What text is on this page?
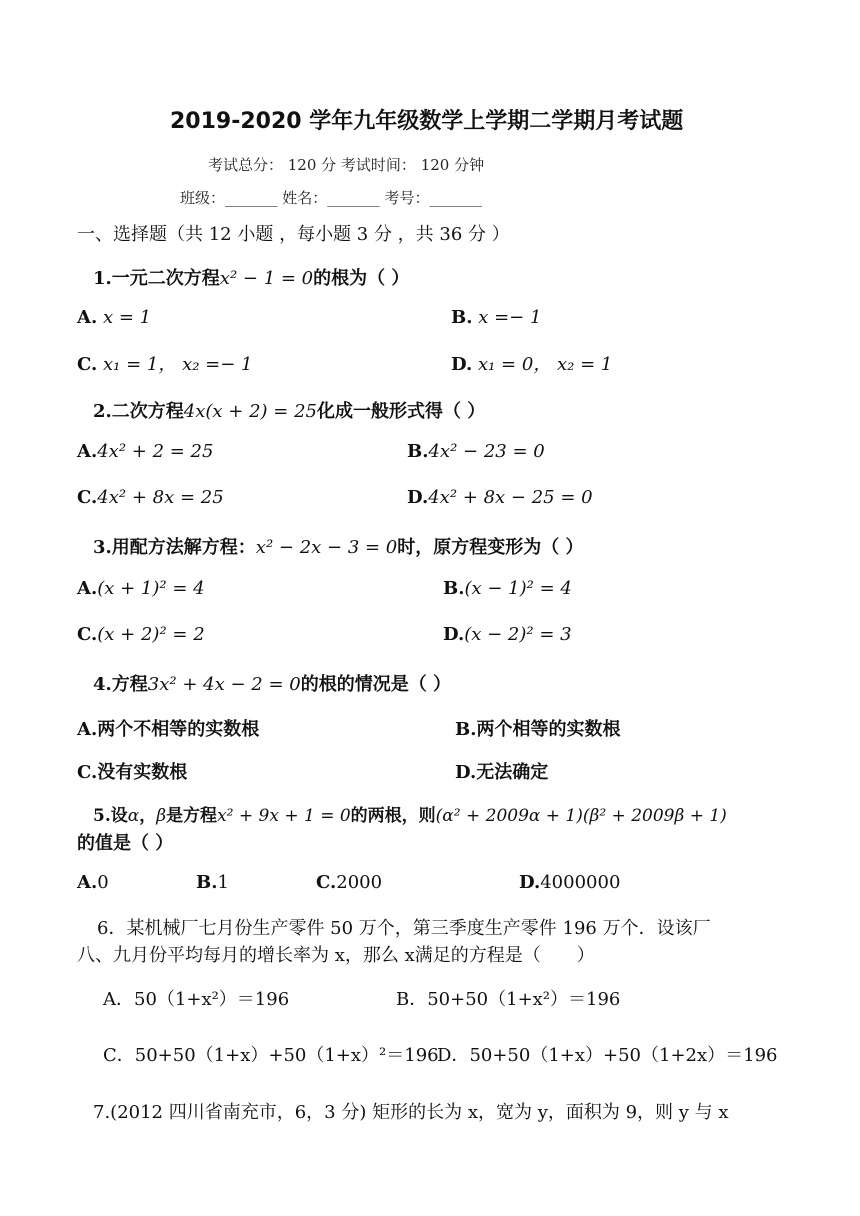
2019-2020 学年九年级数学上学期二学期月考试题
考试总分： 120 分 考试时间： 120 分钟
班级：_______ 姓名：_______ 考号：_______
一、选择题（共 12 小题 ，每小题 3 分 ，共 36 分 ）
1.一元二次方程x² − 1 = 0的根为（ ）
A. x = 1	B. x =− 1
C. x₁ = 1， x₂ =− 1	D. x₁ = 0， x₂ = 1
2.二次方程4x(x + 2) = 25化成一般形式得（ ）
A.4x² + 2 = 25	B.4x² − 23 = 0
C.4x² + 8x = 25	D.4x² + 8x − 25 = 0
3.用配方法解方程：x² − 2x − 3 = 0时，原方程变形为（ ）
A.(x + 1)² = 4	B.(x − 1)² = 4
C.(x + 2)² = 2	D.(x − 2)² = 3
4.方程3x² + 4x − 2 = 0的根的情况是（ ）
A.两个不相等的实数根	B.两个相等的实数根
C.没有实数根	D.无法确定
5.设α，β是方程x² + 9x + 1 = 0的两根，则(α² + 2009α + 1)(β² + 2009β + 1)
的值是（ ）
A.0	B.1	C.2000	D.4000000
6．某机械厂七月份生产零件 50 万个，第三季度生产零件 196 万个．设该厂
八、九月份平均每月的增长率为 x，那么 x满足的方程是（　　）
A．50（1+x²）＝196	B．50+50（1+x²）＝196
C．50+50（1+x）+50（1+x）²＝196
D．50+50（1+x）+50（1+2x）＝196
7.(2012 四川省南充市，6，3 分) 矩形的长为 x，宽为 y，面积为 9，则 y 与 x
